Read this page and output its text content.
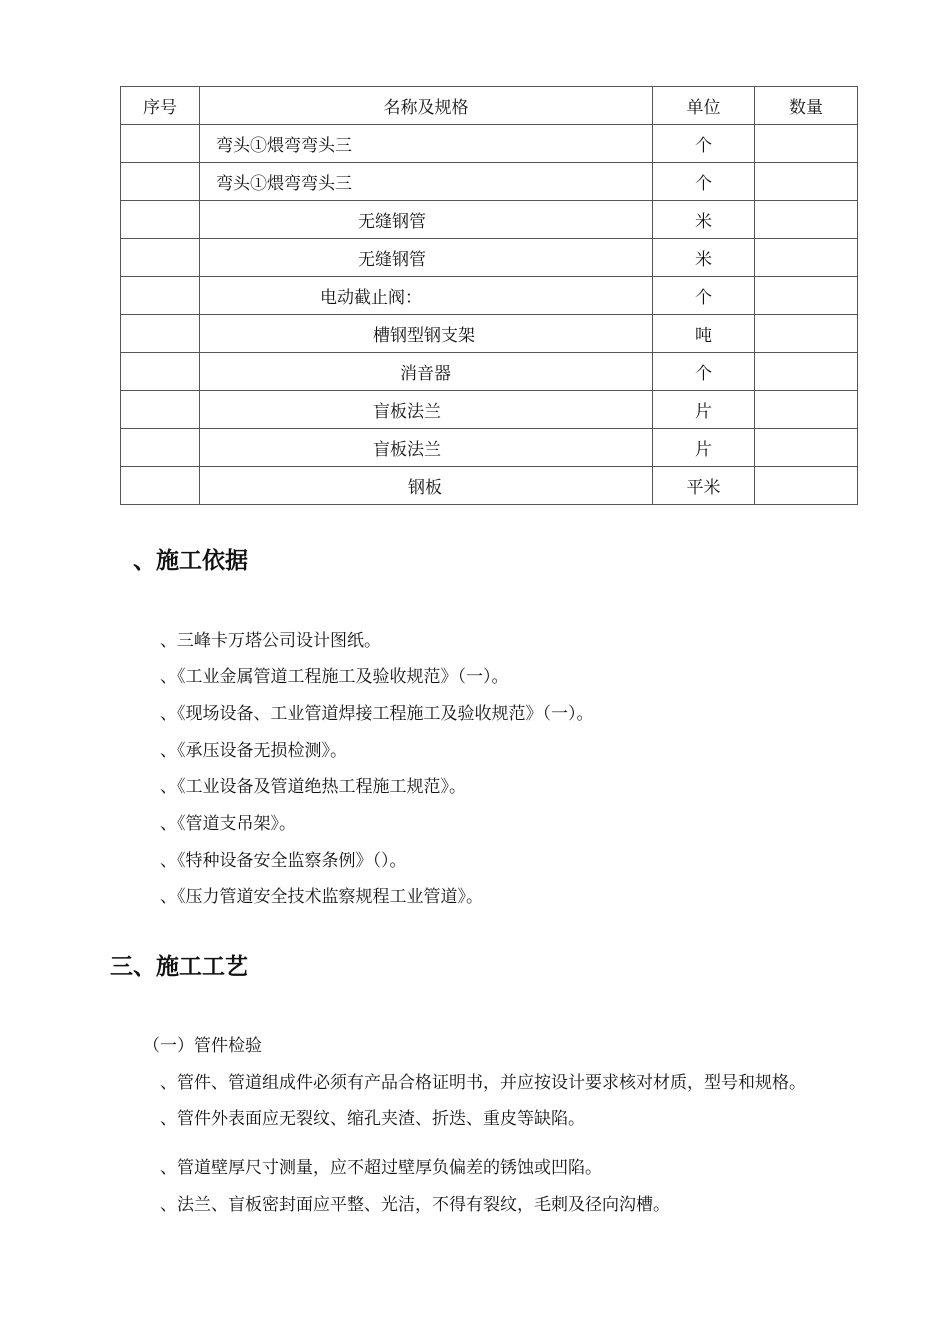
序号	名称及规格	单位	数量
	弯头①煨弯弯头三	个	
	弯头①煨弯弯头三	个	
	无缝钢管	米	
	无缝钢管	米	
	电动截止阀：	个	
	槽钢型钢支架	吨	
	消音器	个	
	盲板法兰	片	
	盲板法兰	片	
	钢板	平米	
、施工依据
、三峰卡万塔公司设计图纸。
、《工业金属管道工程施工及验收规范》（一）。
、《现场设备、工业管道焊接工程施工及验收规范》（一）。
、《承压设备无损检测》。
、《工业设备及管道绝热工程施工规范》。
、《管道支吊架》。
、《特种设备安全监察条例》（）。
、《压力管道安全技术监察规程工业管道》。
三、施工工艺
（一）管件检验
、管件、管道组成件必须有产品合格证明书，并应按设计要求核对材质，型号和规格。
、管件外表面应无裂纹、缩孔夹渣、折迭、重皮等缺陷。
、管道壁厚尺寸测量，应不超过壁厚负偏差的锈蚀或凹陷。
、法兰、盲板密封面应平整、光洁，不得有裂纹，毛刺及径向沟槽。
